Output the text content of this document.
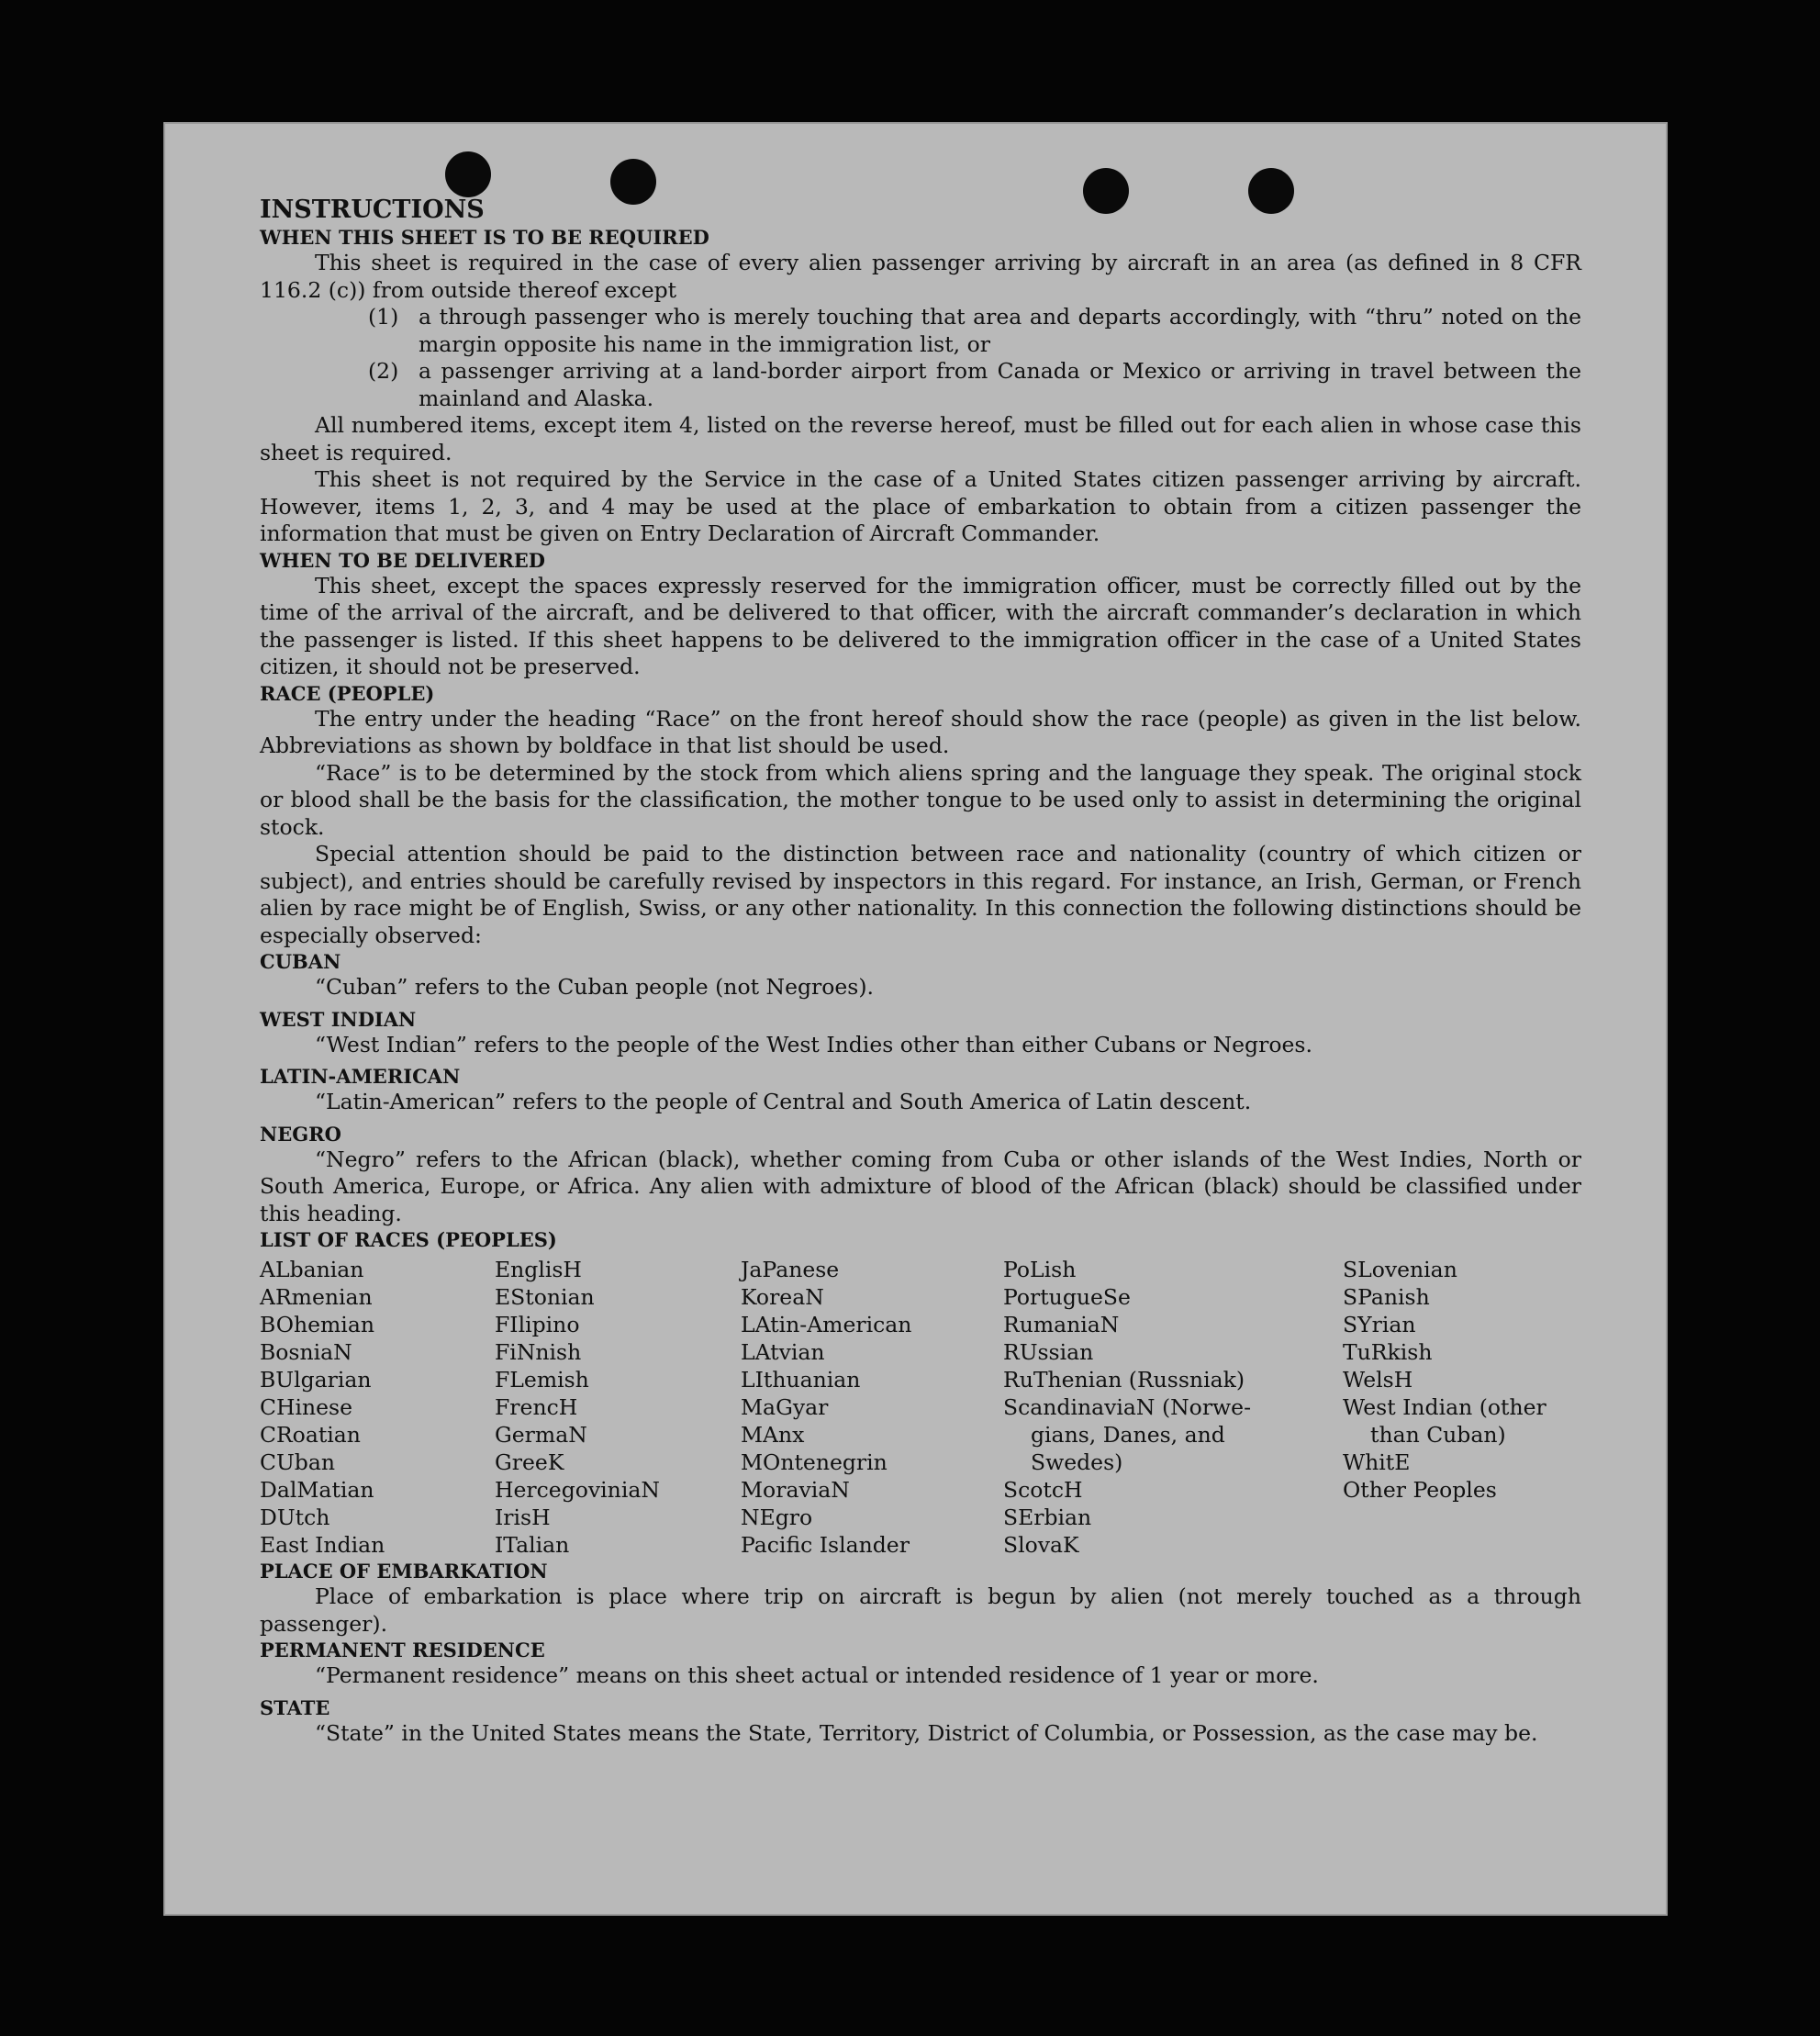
INSTRUCTIONS

WHEN THIS SHEET IS TO BE REQUIRED

This sheet is required in the case of every alien passenger arriving by aircraft in an area (as defined in 8 CFR 116.2 (c)) from outside thereof except

(1) a through passenger who is merely touching that area and departs accordingly, with “thru” noted on the margin opposite his name in the immigration list, or
(2) a passenger arriving at a land-border airport from Canada or Mexico or arriving in travel between the mainland and Alaska.

All numbered items, except item 4, listed on the reverse hereof, must be filled out for each alien in whose case this sheet is required.

This sheet is not required by the Service in the case of a United States citizen passenger arriving by aircraft. However, items 1, 2, 3, and 4 may be used at the place of embarkation to obtain from a citizen passenger the information that must be given on Entry Declaration of Aircraft Commander.

WHEN TO BE DELIVERED

This sheet, except the spaces expressly reserved for the immigration officer, must be correctly filled out by the time of the arrival of the aircraft, and be delivered to that officer, with the aircraft commander’s declaration in which the passenger is listed. If this sheet happens to be delivered to the immigration officer in the case of a United States citizen, it should not be preserved.

RACE (PEOPLE)

The entry under the heading “Race” on the front hereof should show the race (people) as given in the list below. Abbreviations as shown by boldface in that list should be used.

“Race” is to be determined by the stock from which aliens spring and the language they speak. The original stock or blood shall be the basis for the classification, the mother tongue to be used only to assist in determining the original stock.

Special attention should be paid to the distinction between race and nationality (country of which citizen or subject), and entries should be carefully revised by inspectors in this regard. For instance, an Irish, German, or French alien by race might be of English, Swiss, or any other nationality. In this connection the following distinctions should be especially observed:

CUBAN

“Cuban” refers to the Cuban people (not Negroes).

WEST INDIAN

“West Indian” refers to the people of the West Indies other than either Cubans or Negroes.

LATIN-AMERICAN

“Latin-American” refers to the people of Central and South America of Latin descent.

NEGRO

“Negro” refers to the African (black), whether coming from Cuba or other islands of the West Indies, North or South America, Europe, or Africa. Any alien with admixture of blood of the African (black) should be classified under this heading.

LIST OF RACES (PEOPLES)

ALbanian
ARmenian
BOhemian
BosniaN
BUlgarian
CHinese
CRoatian
CUban
DalMatian
DUtch
East Indian
EnglisH
EStonian
FIlipino
FiNnish
FLemish
FrencH
GermaN
GreeK
HercegoviniaN
IrisH
ITalian
JaPanese
KoreaN
LAtin-American
LAtvian
LIthuanian
MaGyar
MAnx
MOntenegrin
MoraviaN
NEgro
Pacific Islander
PoLish
PortugueSe
RumaniaN
RUssian
RuThenian (Russniak)
ScandinaviaN (Norwe-
gians, Danes, and
Swedes)
ScotcH
SErbian
SlovaK
SLovenian
SPanish
SYrian
TuRkish
WelsH
West Indian (other
than Cuban)
WhitE
Other Peoples

PLACE OF EMBARKATION

Place of embarkation is place where trip on aircraft is begun by alien (not merely touched as a through passenger).

PERMANENT RESIDENCE

“Permanent residence” means on this sheet actual or intended residence of 1 year or more.

STATE

“State” in the United States means the State, Territory, District of Columbia, or Possession, as the case may be.
